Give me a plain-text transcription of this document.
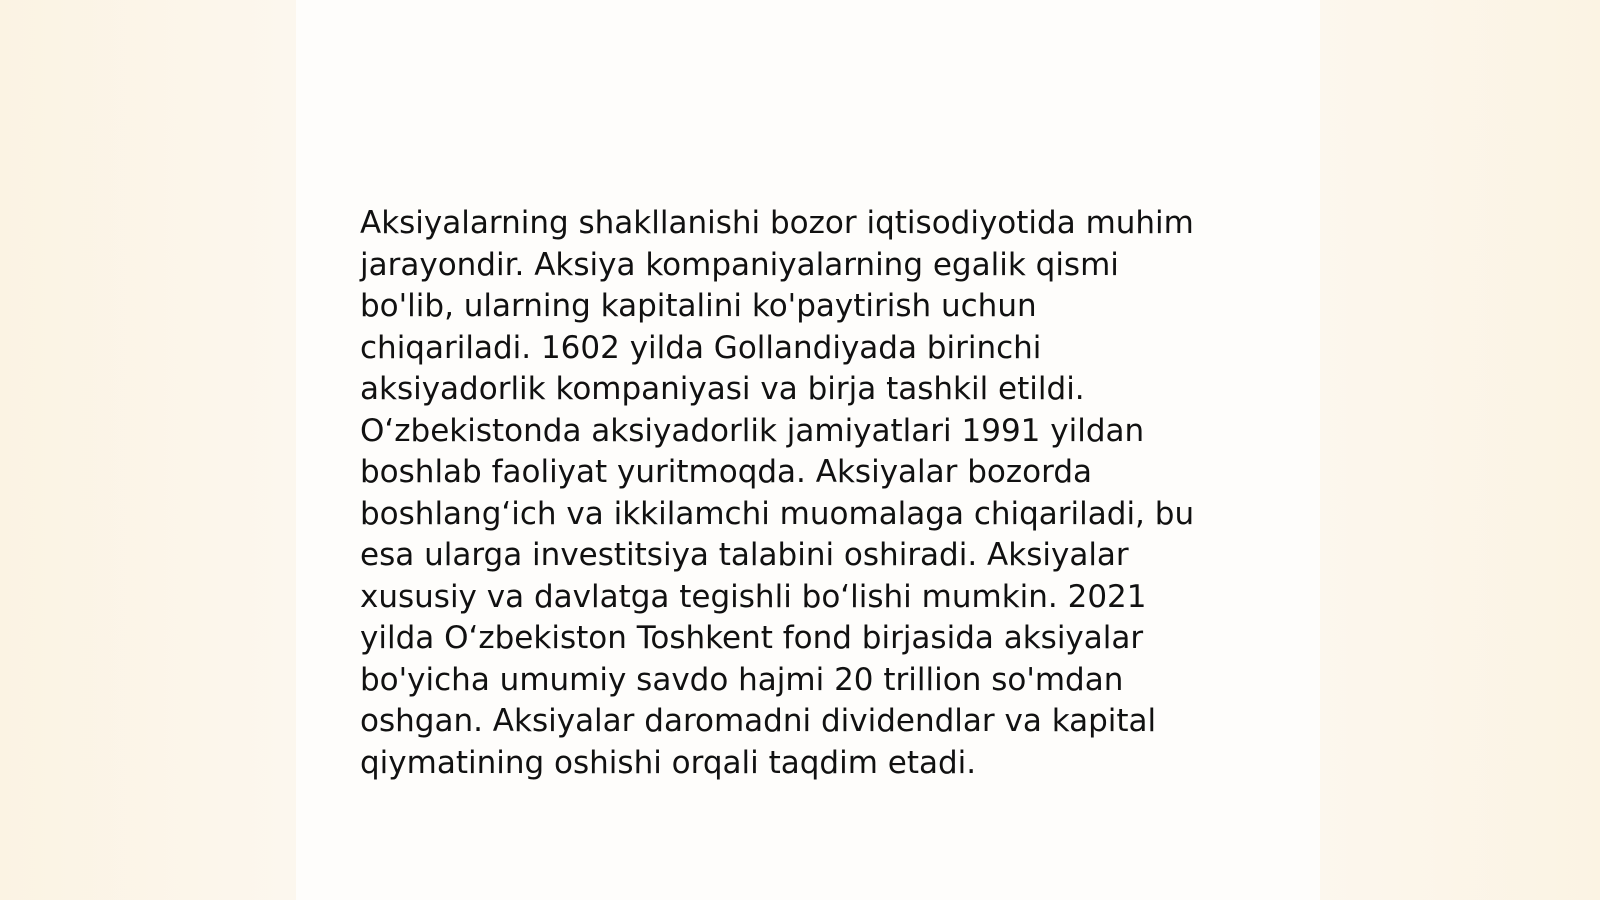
Aksiyalarning shakllanishi bozor iqtisodiyotida muhim
jarayondir. Aksiya kompaniyalarning egalik qismi
bo'lib, ularning kapitalini ko'paytirish uchun
chiqariladi. 1602 yilda Gollandiyada birinchi
aksiyadorlik kompaniyasi va birja tashkil etildi.
O‘zbekistonda aksiyadorlik jamiyatlari 1991 yildan
boshlab faoliyat yuritmoqda. Aksiyalar bozorda
boshlang‘ich va ikkilamchi muomalaga chiqariladi, bu
esa ularga investitsiya talabini oshiradi. Aksiyalar
xususiy va davlatga tegishli bo‘lishi mumkin. 2021
yilda O‘zbekiston Toshkent fond birjasida aksiyalar
bo'yicha umumiy savdo hajmi 20 trillion so'mdan
oshgan. Aksiyalar daromadni dividendlar va kapital
qiymatining oshishi orqali taqdim etadi.
